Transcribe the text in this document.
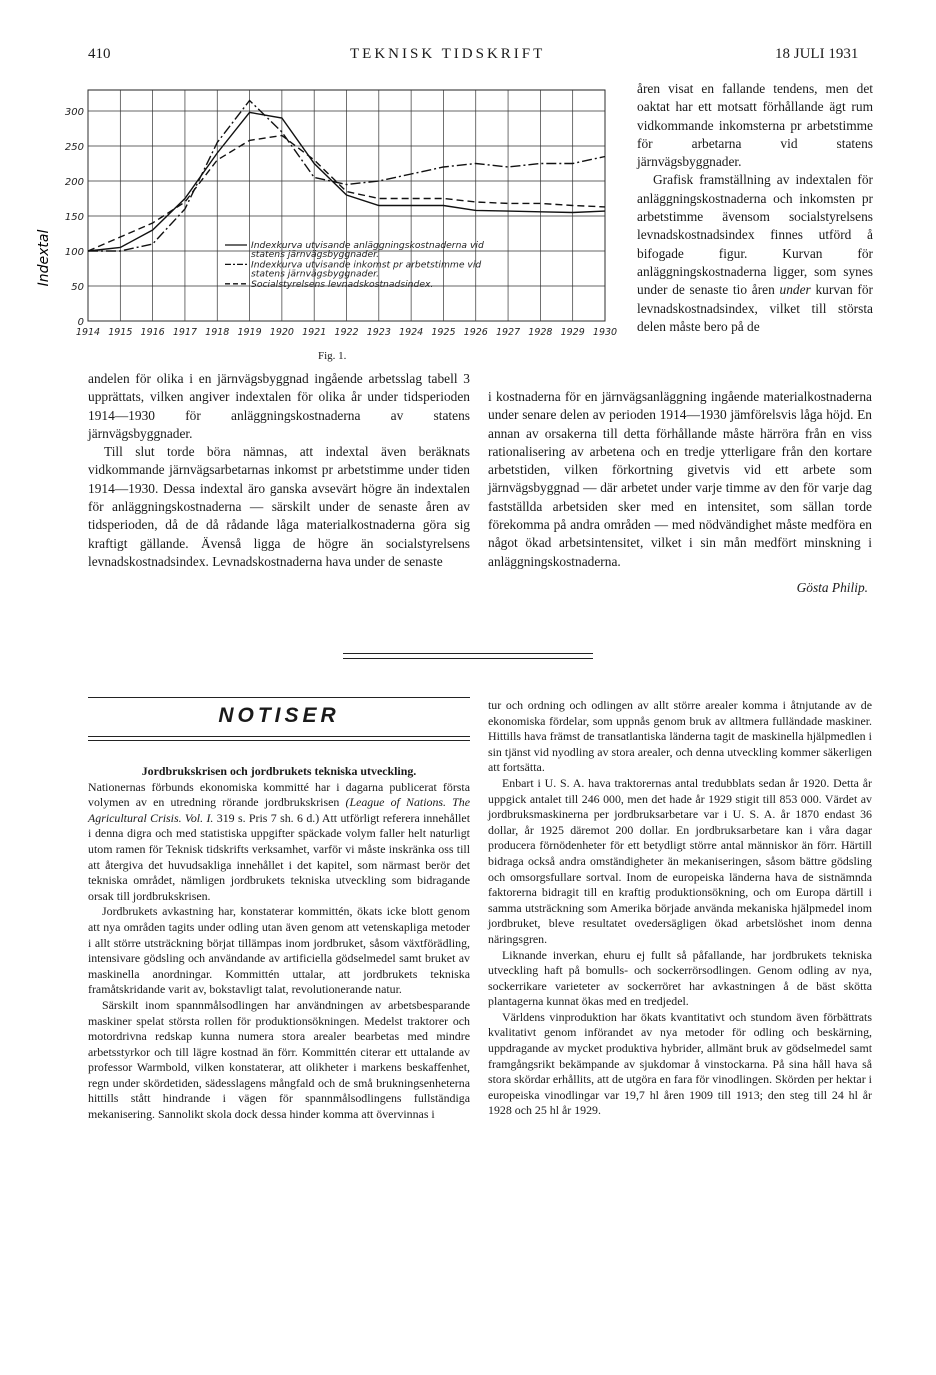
410	TEKNISK TIDSKRIFT	18 JULI 1931
0
50
100
150
200
250
300
1914 1915 1916 1917 1918 1919 1920 1921 1922 1923 1924 1925 1926 1927 1928 1929 1930
Indexkurva utvisande anläggningskostnaderna vid
statens järnvägsbyggnader.
Indexkurva utvisande inkomst pr arbetstimme vid
statens järnvägsbyggnader.
Socialstyrelsens levnadskostnadsindex.
Indextal
Fig. 1.

åren visat en fallande tendens, men det oaktat har ett motsatt förhållande ägt rum vidkommande inkomsterna pr arbetstimme för arbetarna vid statens järnvägsbyggnader.

Grafisk framställning av indextalen för anläggningskostnaderna och inkomsten pr arbetstimme ävensom socialstyrelsens levnadskostnadsindex finnes utförd å bifogade figur. Kurvan för anläggningskostnaderna ligger, som synes under de senaste tio åren under kurvan för levnadskostnadsindex, vilket till största delen måste bero på de

andelen för olika i en järnvägsbyggnad ingående arbetsslag tabell 3 upprättats, vilken angiver indextalen för olika år under tidsperioden 1914—1930 för anläggningskostnaderna av statens järnvägsbyggnader.

Till slut torde böra nämnas, att indextal även beräknats vidkommande järnvägsarbetarnas inkomst pr arbetstimme under tiden 1914—1930. Dessa indextal äro ganska avsevärt högre än indextalen för anläggningskostnaderna — särskilt under de senaste åren av tidsperioden, då de då rådande låga materialkostnaderna göra sig kraftigt gällande. Ävenså ligga de högre än socialstyrelsens levnadskostnadsindex. Levnadskostnaderna hava under de senaste

i kostnaderna för en järnvägsanläggning ingående materialkostnaderna under senare delen av perioden 1914—1930 jämförelsvis låga höjd. En annan av orsakerna till detta förhållande måste härröra från en viss rationalisering av arbetena och en tredje ytterligare från den kortare arbetstiden, vilken förkortning givetvis vid ett arbete som järnvägsbyggnad — där arbetet under varje timme av den för varje dag fastställda arbetsiden sker med en intensitet, som sällan torde förekomma på andra områden — med nödvändighet måste medföra en något ökad arbetsintensitet, vilket i sin mån medfört minskning i anläggningskostnaderna.

Gösta Philip.
NOTISER

Jordbrukskrisen och jordbrukets tekniska utveckling.

Nationernas förbunds ekonomiska kommitté har i dagarna publicerat första volymen av en utredning rörande jordbrukskrisen (League of Nations. The Agricultural Crisis. Vol. I. 319 s. Pris 7 sh. 6 d.) Att utförligt referera innehållet i denna digra och med statistiska uppgifter späckade volym faller helt naturligt utom ramen för Teknisk tidskrifts verksamhet, varför vi måste inskränka oss till att återgiva det huvudsakliga innehållet i det kapitel, som närmast berör det tekniska området, nämligen jordbrukets tekniska utveckling som bidragande orsak till jordbrukskrisen.

Jordbrukets avkastning har, konstaterar kommittén, ökats icke blott genom att nya områden tagits under odling utan även genom att vetenskapliga metoder i allt större utsträckning börjat tillämpas inom jordbruket, såsom växtförädling, intensivare gödsling och användande av artificiella gödselmedel samt bruket av maskinella anordningar. Kommittén uttalar, att jordbrukets tekniska framåtskridande varit av, bokstavligt talat, revolutionerande natur.

Särskilt inom spannmålsodlingen har användningen av arbetsbesparande maskiner spelat största rollen för produktionsökningen. Medelst traktorer och motordrivna redskap kunna numera stora arealer bearbetas med mindre arbetsstyrkor och till lägre kostnad än förr. Kommittén citerar ett uttalande av professor Warmbold, vilken konstaterar, att olikheter i markens beskaffenhet, regn under skördetiden, sädesslagens mångfald och de små brukningsenheterna hittills stått hindrande i vägen för spannmålsodlingens fullständiga mekanisering. Sannolikt skola dock dessa hinder komma att övervinnas i

tur och ordning och odlingen av allt större arealer komma i åtnjutande av de ekonomiska fördelar, som uppnås genom bruk av alltmera fulländade maskiner. Hittills hava främst de transatlantiska länderna tagit de maskinella hjälpmedlen i sin tjänst vid nyodling av stora arealer, och denna utveckling kommer säkerligen att fortsätta.

Enbart i U. S. A. hava traktorernas antal tredubblats sedan år 1920. Detta år uppgick antalet till 246 000, men det hade år 1929 stigit till 853 000. Värdet av jordbruksmaskinerna per jordbruksarbetare var i U. S. A. år 1870 endast 36 dollar, år 1925 däremot 200 dollar. En jordbruksarbetare kan i våra dagar producera förnödenheter för ett betydligt större antal människor än förr. Härtill bidraga också andra omständigheter än mekaniseringen, såsom bättre gödsling och omsorgsfullare sortval. Inom de europeiska länderna hava de sistnämnda faktorerna bidragit till en kraftig produktionsökning, och om Europa därtill i samma utsträckning som Amerika började använda mekaniska hjälpmedel inom jordbruket, bleve resultatet ovedersägligen ökad arbetslöshet inom denna näringsgren.

Liknande inverkan, ehuru ej fullt så påfallande, har jordbrukets tekniska utveckling haft på bomulls- och sockerrörsodlingen. Genom odling av nya, sockerrikare varieteter av sockerröret har avkastningen å de bäst skötta plantagerna kunnat ökas med en tredjedel.

Världens vinproduktion har ökats kvantitativt och stundom även förbättrats kvalitativt genom införandet av nya metoder för odling och beskärning, uppdragande av mycket produktiva hybrider, allmänt bruk av gödselmedel samt framgångsrikt bekämpande av sjukdomar å vinstockarna. På sina håll hava så stora skördar erhållits, att de utgöra en fara för vinodlingen. Skörden per hektar i europeiska vinodlingar var 19,7 hl åren 1909 till 1913; den steg till 24 hl år 1928 och 25 hl år 1929.
